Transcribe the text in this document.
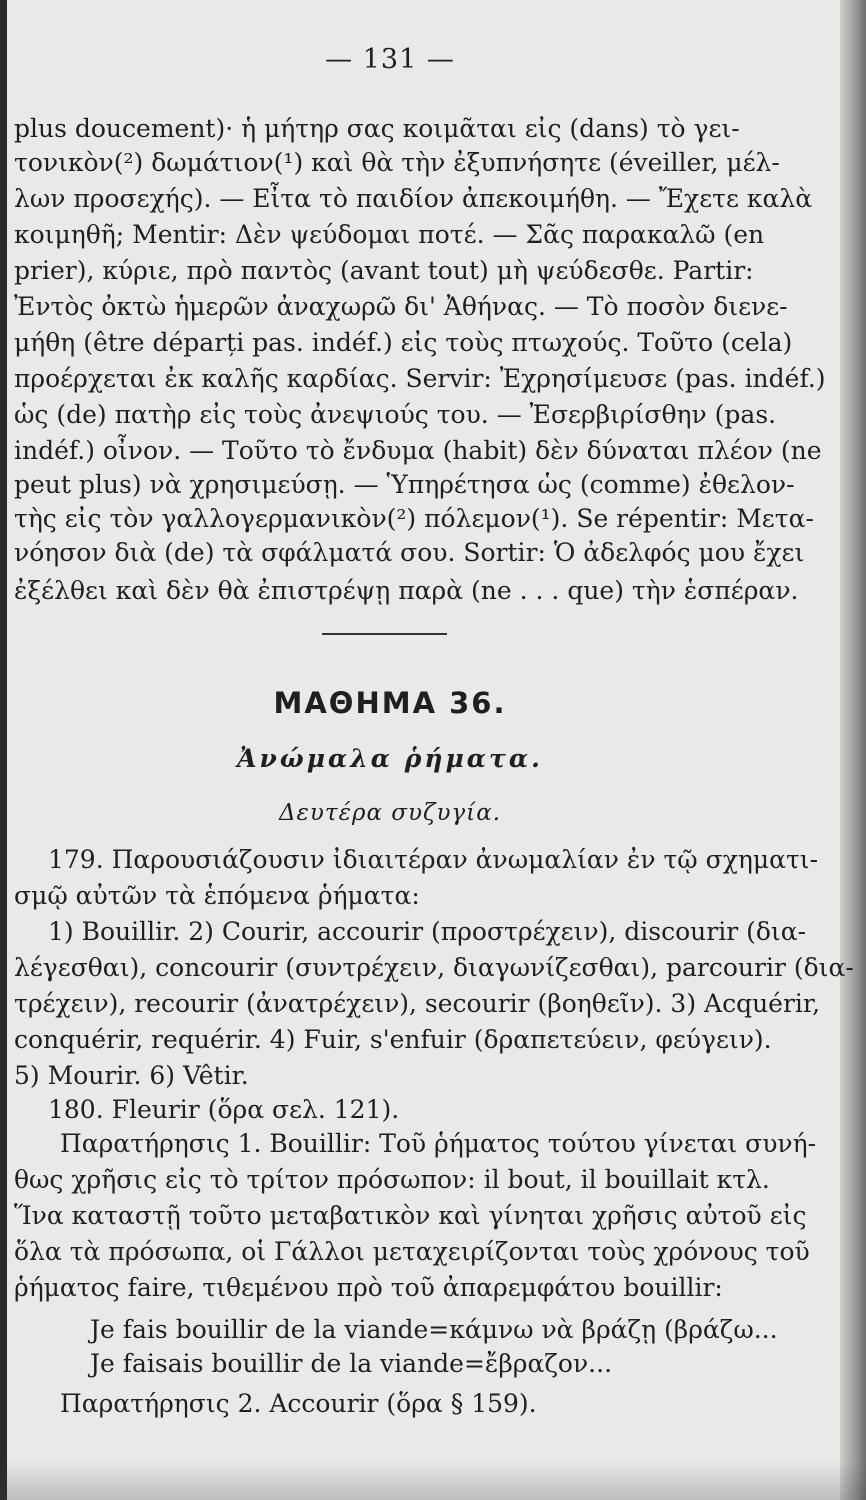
— 131 —
plus doucement)· ἡ μήτηρ σας κοιμᾶται εἰς (dans) τὸ γει-
τονικὸν(²) δωμάτιον(¹) καὶ θὰ τὴν ἐξυπνήσητε (éveiller, μέλ-
λων προσεχής). — Εἶτα τὸ παιδίον ἀπεκοιμήθη. — Ἔχετε καλὰ
κοιμηθῆ; Mentir: Δὲν ψεύδομαι ποτέ. — Σᾶς παρακαλῶ (en
prier), κύριε, πρὸ παντὸς (avant tout) μὴ ψεύδεσθε. Partir:
Ἐντὸς ὀκτὼ ἡμερῶν ἀναχωρῶ δι' Ἀθήνας. — Τὸ ποσὸν διενε-
μήθη (être déparți pas. indéf.) εἰς τοὺς πτωχούς. Τοῦτο (cela)
προέρχεται ἐκ καλῆς καρδίας. Servir: Ἐχρησίμευσε (pas. indéf.)
ὡς (de) πατὴρ εἰς τοὺς ἀνεψιούς του. — Ἐσερβιρίσθην (pas.
indéf.) οἶνον. — Τοῦτο τὸ ἔνδυμα (habit) δὲν δύναται πλέον (ne
peut plus) νὰ χρησιμεύσῃ. — Ὑπηρέτησα ὡς (comme) ἐθελον-
τὴς εἰς τὸν γαλλογερμανικὸν(²) πόλεμον(¹). Se répentir: Μετα-
νόησον διὰ (de) τὰ σφάλματά σου. Sortir: Ὁ ἀδελφός μου ἔχει
ἐξέλθει καὶ δὲν θὰ ἐπιστρέψῃ παρὰ (ne . . . que) τὴν ἑσπέραν.
ΜΑΘΗΜΑ 36.
Ἀνώμαλα ῥήματα.
Δευτέρα συζυγία.
179. Παρουσιάζουσιν ἰδιαιτέραν ἀνωμαλίαν ἐν τῷ σχηματι-
σμῷ αὐτῶν τὰ ἑπόμενα ῥήματα:
1) Bouillir. 2) Courir, accourir (προστρέχειν), discourir (δια-
λέγεσθαι), concourir (συντρέχειν, διαγωνίζεσθαι), parcourir (δια-
τρέχειν), recourir (ἀνατρέχειν), secourir (βοηθεῖν). 3) Acquérir,
conquérir, requérir. 4) Fuir, s'enfuir (δραπετεύειν, φεύγειν).
5) Mourir. 6) Vêtir.
180. Fleurir (ὅρα σελ. 121).
Παρατήρησις 1. Bouillir: Τοῦ ῥήματος τούτου γίνεται συνή-
θως χρῆσις εἰς τὸ τρίτον πρόσωπον: il bout, il bouillait κτλ.
Ἵνα καταστῇ τοῦτο μεταβατικὸν καὶ γίνηται χρῆσις αὐτοῦ εἰς
ὅλα τὰ πρόσωπα, οἱ Γάλλοι μεταχειρίζονται τοὺς χρόνους τοῦ
ῥήματος faire, τιθεμένου πρὸ τοῦ ἀπαρεμφάτου bouillir:
Je fais bouillir de la viande=κάμνω νὰ βράζῃ (βράζω...
Je faisais bouillir de la viande=ἔβραζον...
Παρατήρησις 2. Accourir (ὅρα § 159).
